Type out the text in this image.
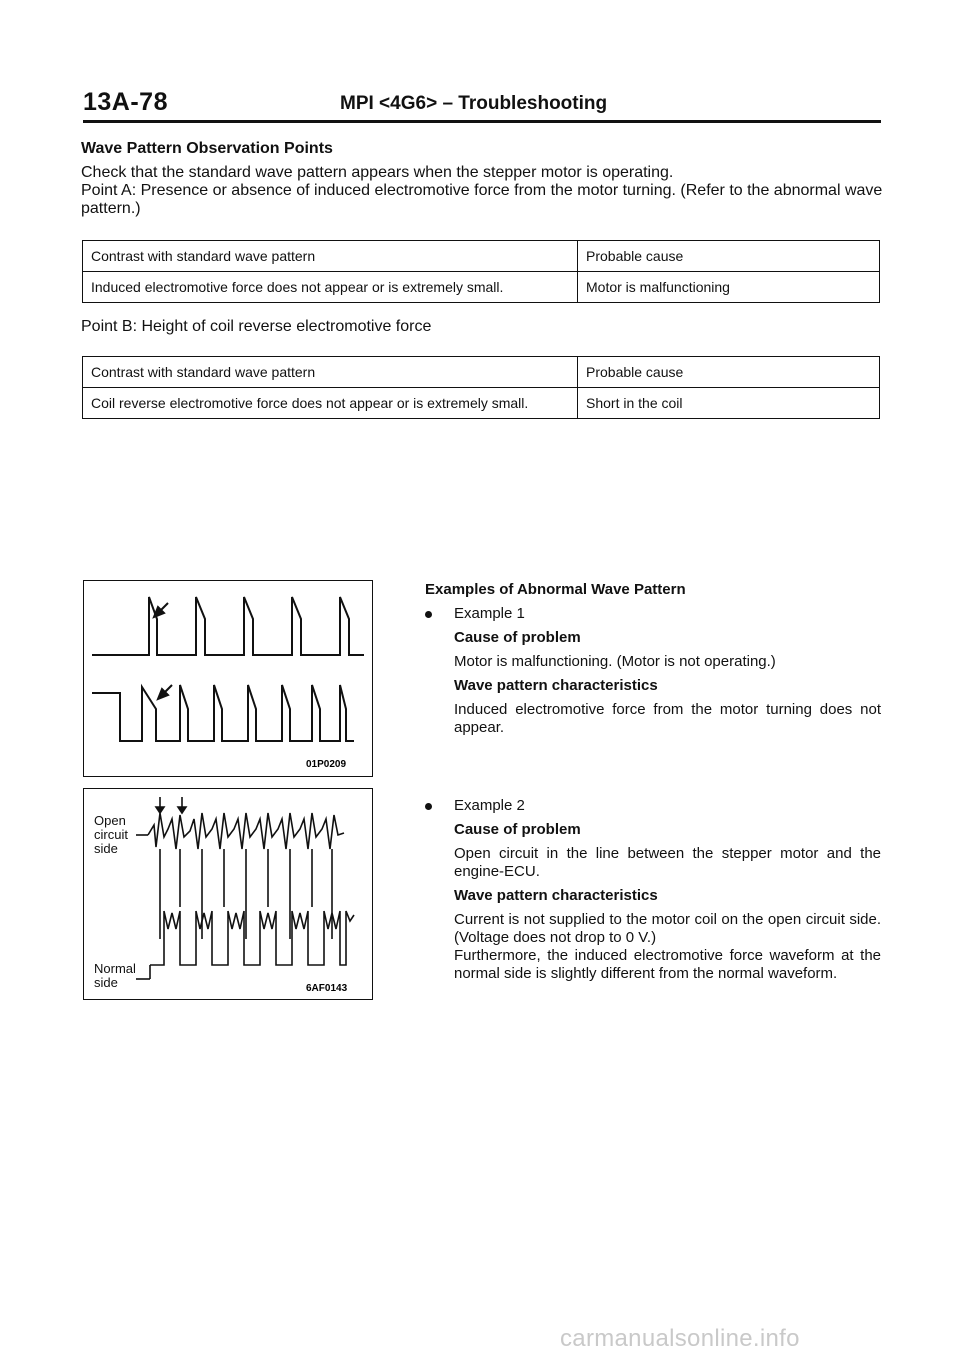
13A-78	MPI <4G6> – Troubleshooting
Wave Pattern Observation Points
Check that the standard wave pattern appears when the stepper motor is operating.
Point A: Presence or absence of induced electromotive force from the motor turning. (Refer to the abnormal wave pattern.)
Contrast with standard wave pattern	Probable cause
Induced electromotive force does not appear or is extremely small.	Motor is malfunctioning
Point B: Height of coil reverse electromotive force
Contrast with standard wave pattern	Probable cause
Coil reverse electromotive force does not appear or is extremely small.	Short in the coil
01P0209
Open
circuit
side
Normal
side	6AF0143
Examples of Abnormal Wave Pattern
Example 1
Cause of problem
Motor is malfunctioning. (Motor is not operating.)
Wave pattern characteristics
Induced electromotive force from the motor turning does not appear.
Example 2
Cause of problem
Open circuit in the line between the stepper motor and the engine-ECU.
Wave pattern characteristics

Current is not supplied to the motor coil on the open circuit side. (Voltage does not drop to 0 V.)

Furthermore, the induced electromotive force waveform at the normal side is slightly different from the normal waveform.

carmanualsonline.info
